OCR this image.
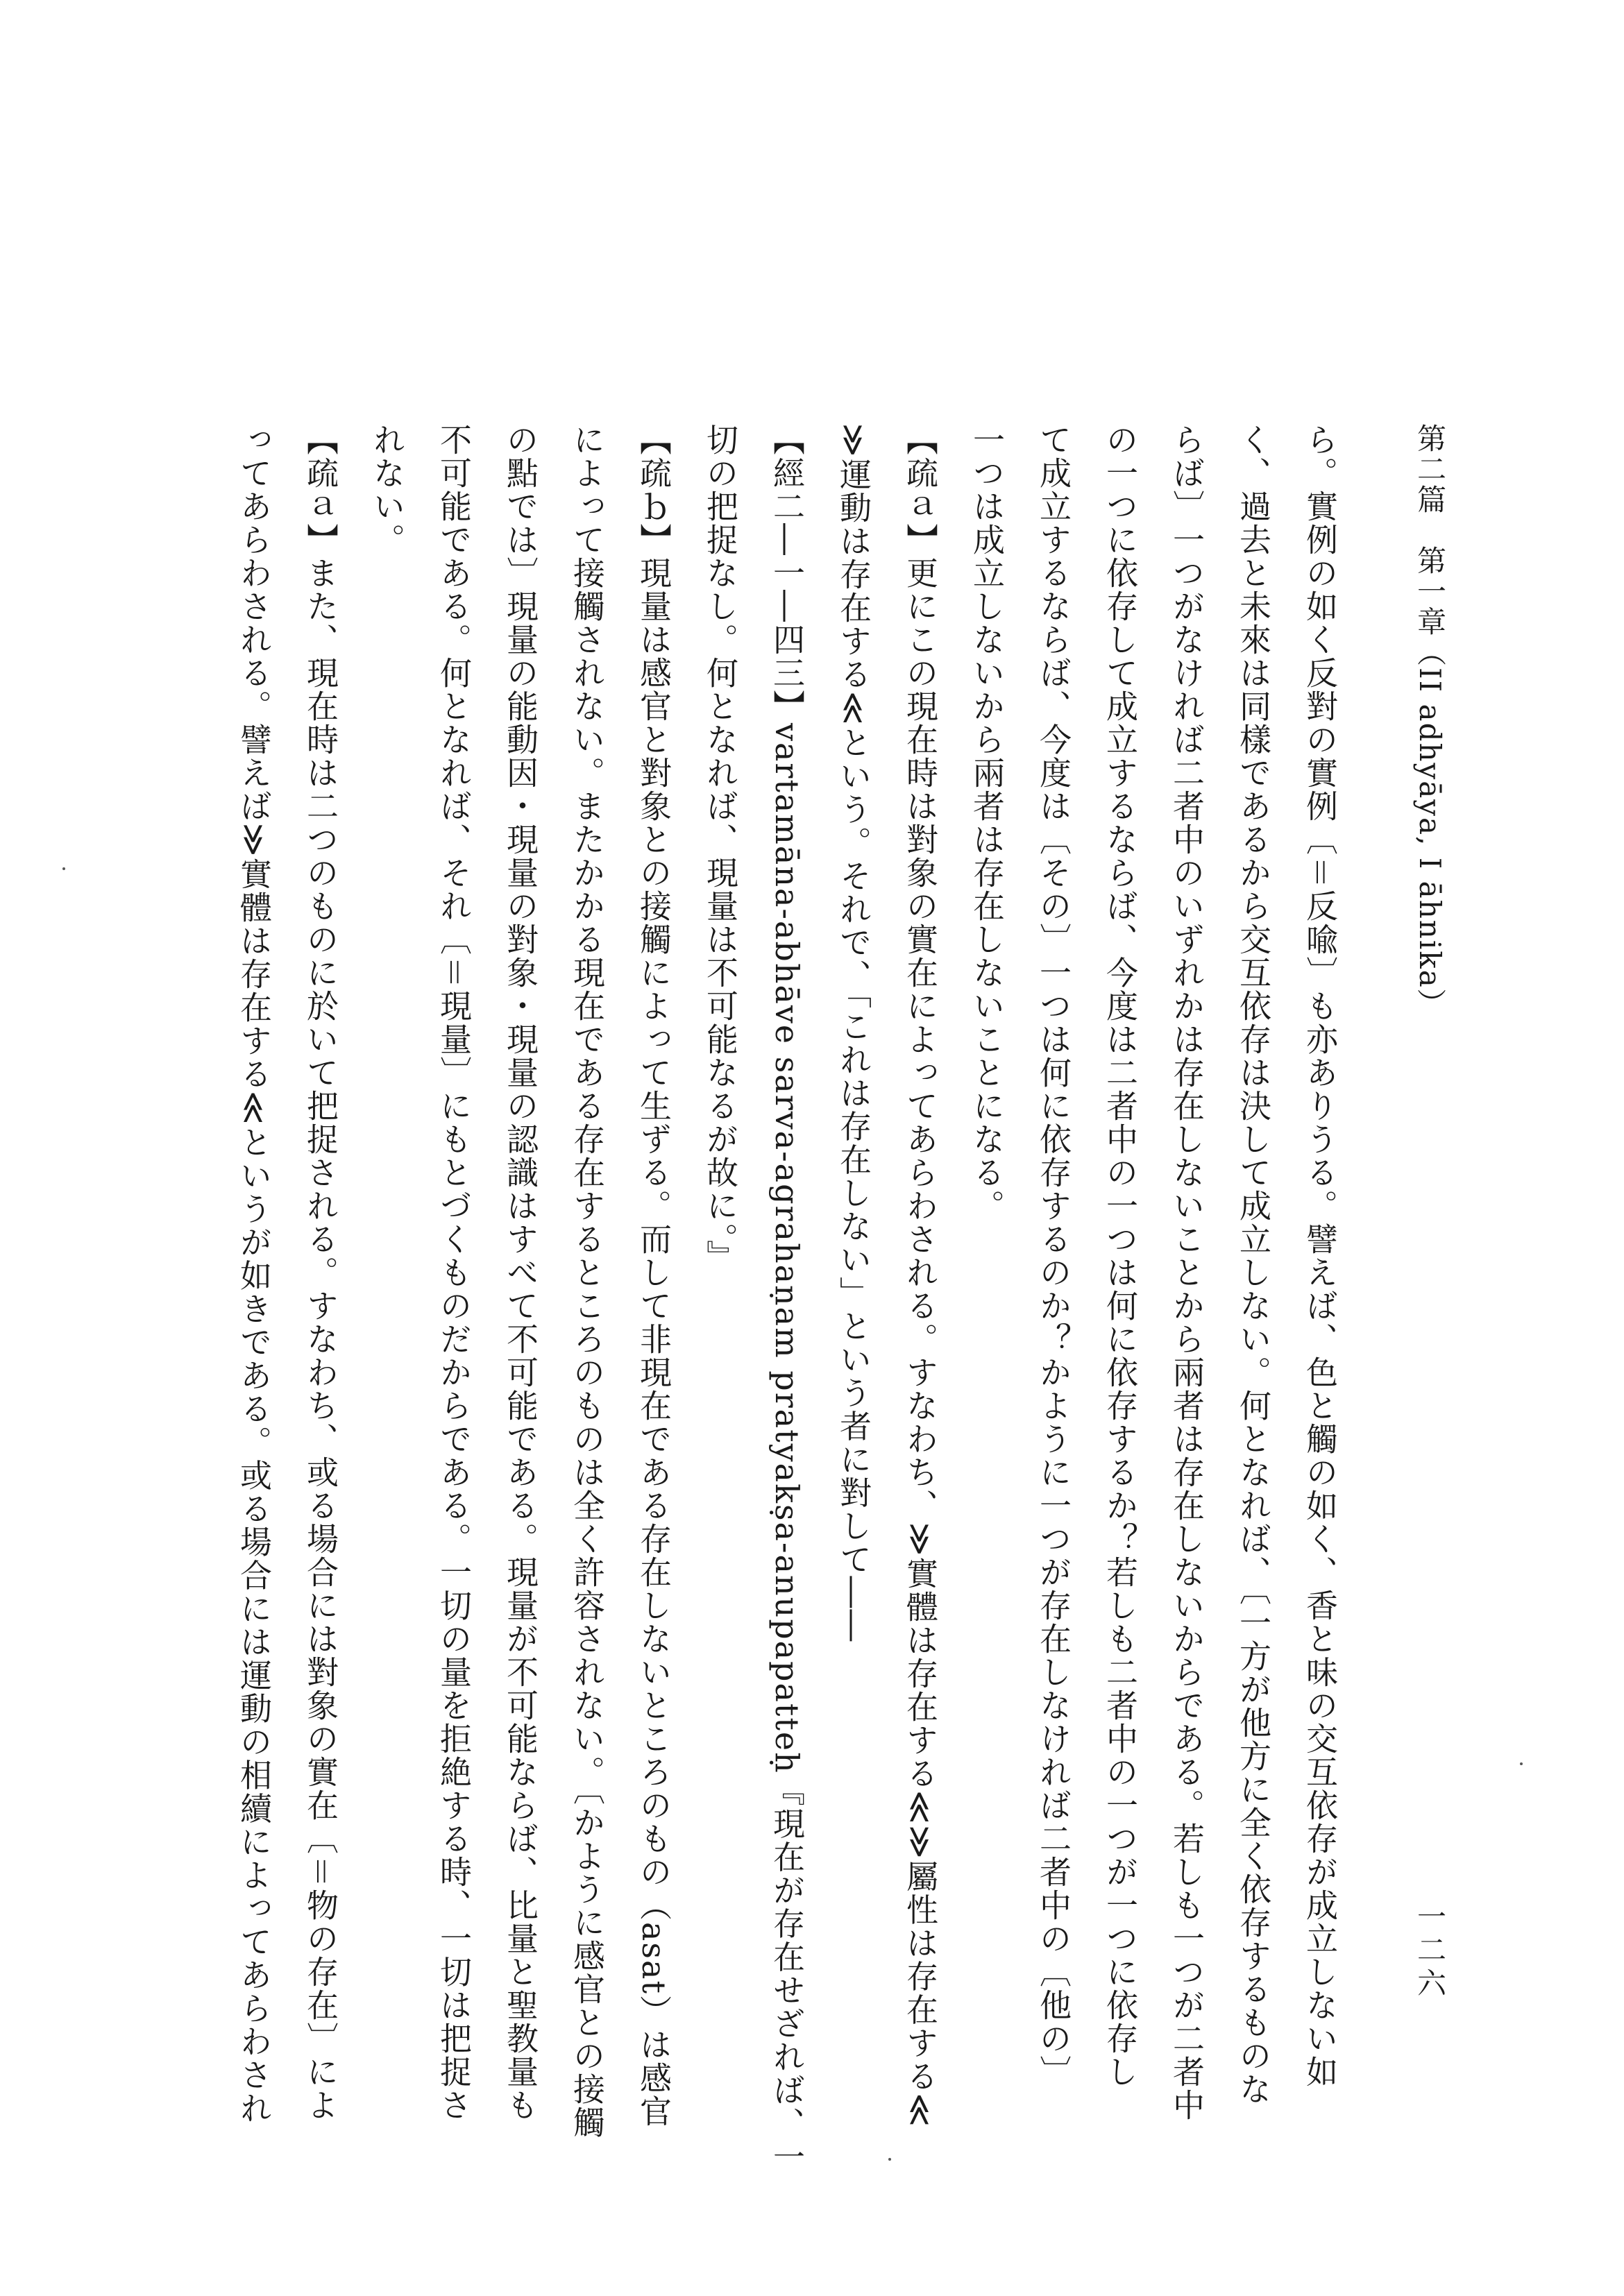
第二篇　第一章（II adhyāya, I āhnika）
一二六
ら。實例の如く反對の實例〔＝反喩〕も亦ありうる。譬えば、色と觸の如く、香と味の交互依存が成立しない如
く、過去と未來は同樣であるから交互依存は決して成立しない。何となれば、〔一方が他方に全く依存するものな
らば〕一つがなければ二者中のいずれかは存在しないことから兩者は存在しないからである。若しも一つが二者中
の一つに依存して成立するならば、今度は二者中の一つは何に依存するか？若しも二者中の一つが一つに依存し
て成立するならば、今度は〔その〕一つは何に依存するのか？かように一つが存在しなければ二者中の〔他の〕
一つは成立しないから兩者は存在しないことになる。
【疏ａ】更にこの現在時は對象の實在によってあらわされる。すなわち、≫實體は存在する≪≫屬性は存在する≪
≫運動は存在する≪という。それで、「これは存在しない」という者に對して――
【經二―一―四三】vartamāna-abhāve sarva-agrahaṇam pratyakṣa-anupapatteḥ『現在が存在せざれば、一
切の把捉なし。何となれば、現量は不可能なるが故に。』
【疏ｂ】現量は感官と對象との接觸によって生ずる。而して非現在である存在しないところのもの（asat）は感官
によって接觸されない。またかかる現在である存在するところのものは全く許容されない。〔かように感官との接觸
の點では〕現量の能動因・現量の對象・現量の認識はすべて不可能である。現量が不可能ならば、比量と聖教量も
不可能である。何となれば、それ〔＝現量〕にもとづくものだからである。一切の量を拒絶する時、一切は把捉さ
れない。
【疏ａ】また、現在時は二つのものに於いて把捉される。すなわち、或る場合には對象の實在〔＝物の存在〕によ
ってあらわされる。譬えば≫實體は存在する≪というが如きである。或る場合には運動の相續によってあらわされ
